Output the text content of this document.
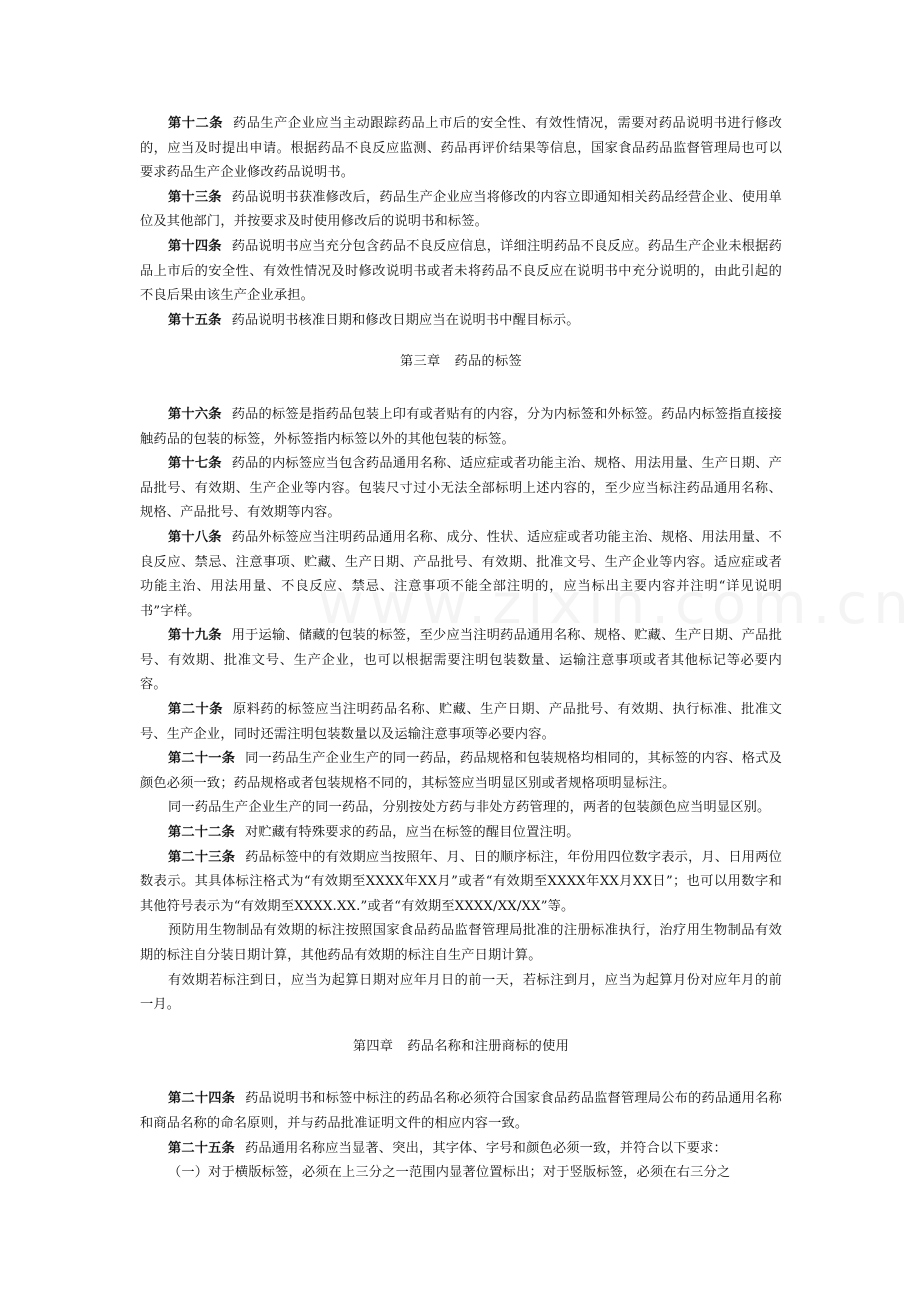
第十二条 药品生产企业应当主动跟踪药品上市后的安全性、有效性情况，需要对药品说明书进行修改的，应当及时提出申请。根据药品不良反应监测、药品再评价结果等信息，国家食品药品监督管理局也可以要求药品生产企业修改药品说明书。

第十三条 药品说明书获准修改后，药品生产企业应当将修改的内容立即通知相关药品经营企业、使用单位及其他部门，并按要求及时使用修改后的说明书和标签。

第十四条 药品说明书应当充分包含药品不良反应信息，详细注明药品不良反应。药品生产企业未根据药品上市后的安全性、有效性情况及时修改说明书或者未将药品不良反应在说明书中充分说明的，由此引起的不良后果由该生产企业承担。

第十五条 药品说明书核准日期和修改日期应当在说明书中醒目标示。

第三章 药品的标签

第十六条 药品的标签是指药品包装上印有或者贴有的内容，分为内标签和外标签。药品内标签指直接接触药品的包装的标签，外标签指内标签以外的其他包装的标签。

第十七条 药品的内标签应当包含药品通用名称、适应症或者功能主治、规格、用法用量、生产日期、产品批号、有效期、生产企业等内容。包装尺寸过小无法全部标明上述内容的，至少应当标注药品通用名称、规格、产品批号、有效期等内容。

第十八条 药品外标签应当注明药品通用名称、成分、性状、适应症或者功能主治、规格、用法用量、不良反应、禁忌、注意事项、贮藏、生产日期、产品批号、有效期、批准文号、生产企业等内容。适应症或者功能主治、用法用量、不良反应、禁忌、注意事项不能全部注明的，应当标出主要内容并注明“详见说明书”字样。

第十九条 用于运输、储藏的包装的标签，至少应当注明药品通用名称、规格、贮藏、生产日期、产品批号、有效期、批准文号、生产企业，也可以根据需要注明包装数量、运输注意事项或者其他标记等必要内容。

第二十条 原料药的标签应当注明药品名称、贮藏、生产日期、产品批号、有效期、执行标准、批准文号、生产企业，同时还需注明包装数量以及运输注意事项等必要内容。

第二十一条 同一药品生产企业生产的同一药品，药品规格和包装规格均相同的，其标签的内容、格式及颜色必须一致；药品规格或者包装规格不同的，其标签应当明显区别或者规格项明显标注。

同一药品生产企业生产的同一药品，分别按处方药与非处方药管理的，两者的包装颜色应当明显区别。

第二十二条 对贮藏有特殊要求的药品，应当在标签的醒目位置注明。

第二十三条 药品标签中的有效期应当按照年、月、日的顺序标注，年份用四位数字表示，月、日用两位数表示。其具体标注格式为“有效期至XXXX年XX月”或者“有效期至XXXX年XX月XX日”；也可以用数字和其他符号表示为“有效期至XXXX.XX.”或者“有效期至XXXX/XX/XX”等。

预防用生物制品有效期的标注按照国家食品药品监督管理局批准的注册标准执行，治疗用生物制品有效期的标注自分装日期计算，其他药品有效期的标注自生产日期计算。

有效期若标注到日，应当为起算日期对应年月日的前一天，若标注到月，应当为起算月份对应年月的前一月。

第四章 药品名称和注册商标的使用

第二十四条 药品说明书和标签中标注的药品名称必须符合国家食品药品监督管理局公布的药品通用名称和商品名称的命名原则，并与药品批准证明文件的相应内容一致。

第二十五条 药品通用名称应当显著、突出，其字体、字号和颜色必须一致，并符合以下要求：

（一）对于横版标签，必须在上三分之一范围内显著位置标出；对于竖版标签，必须在右三分之
